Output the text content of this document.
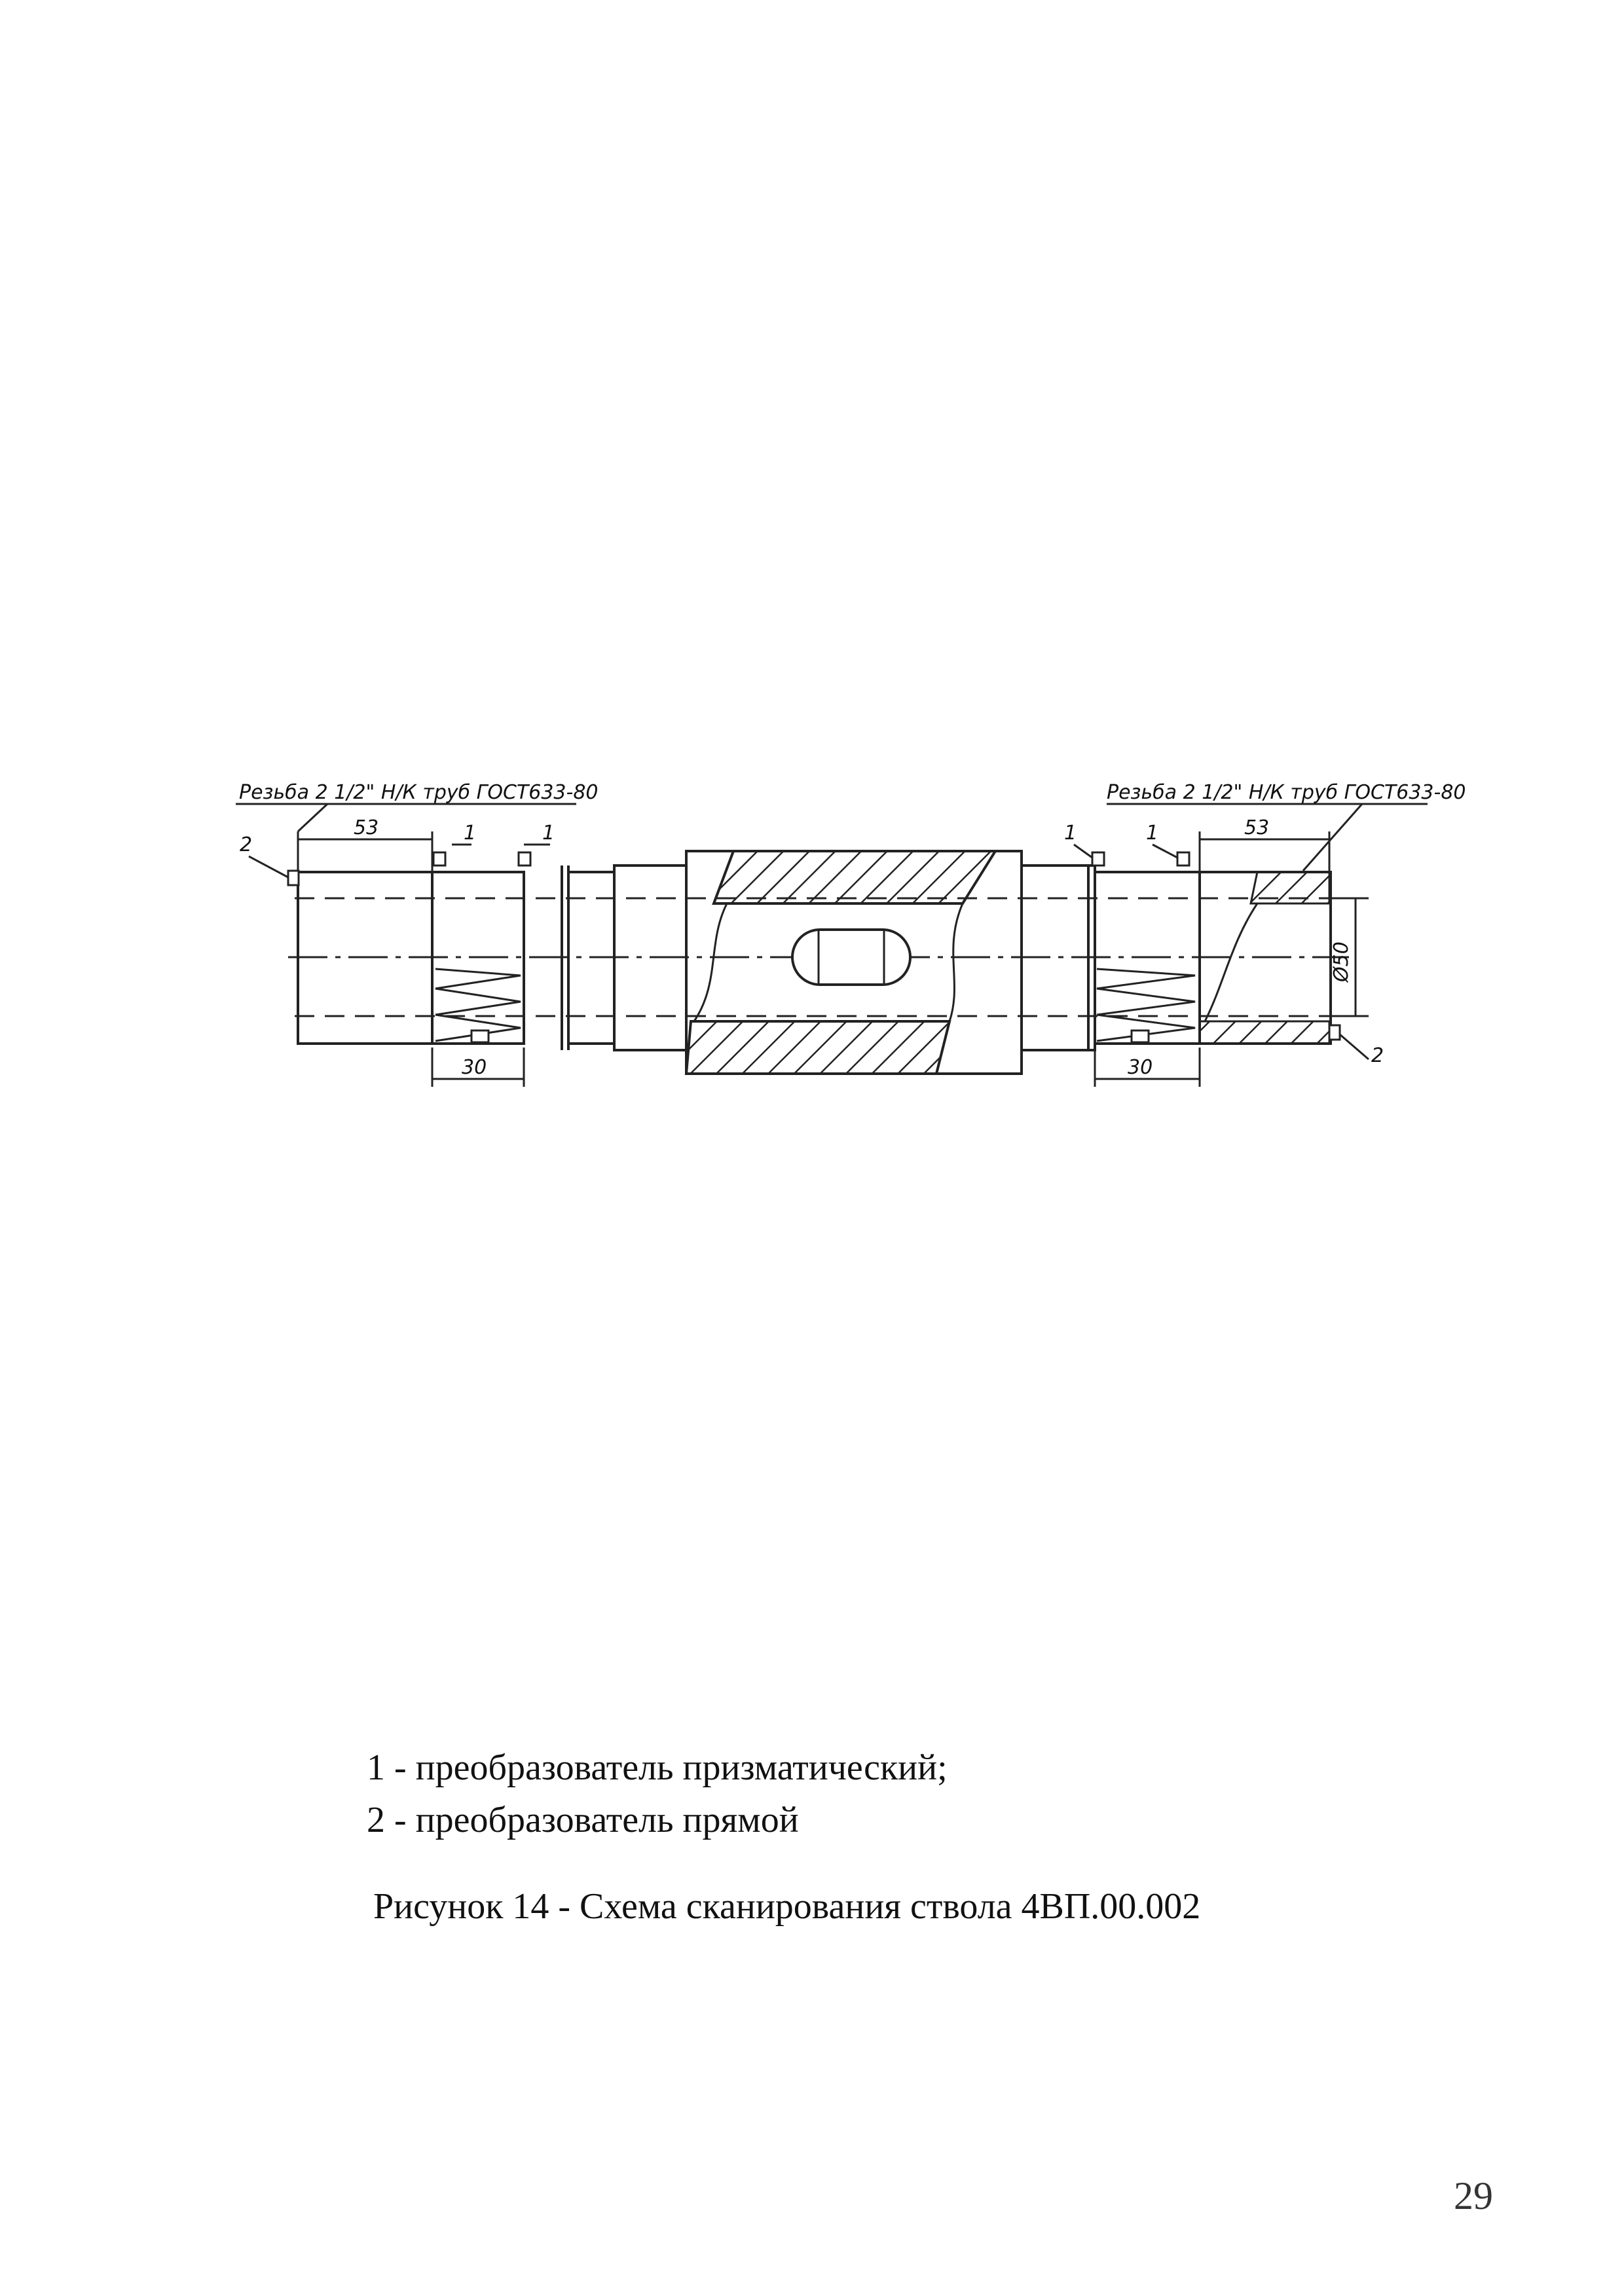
Резьба 2 1/2" Н/К труб ГОСТ633-80	Резьба 2 1/2" Н/К труб ГОСТ633-80
53	53
30	30
Ø50
1	1	1	1
2
2
1 - преобразователь призматический;
2 - преобразователь прямой
Рисунок 14 - Схема сканирования ствола 4ВП.00.002
29
